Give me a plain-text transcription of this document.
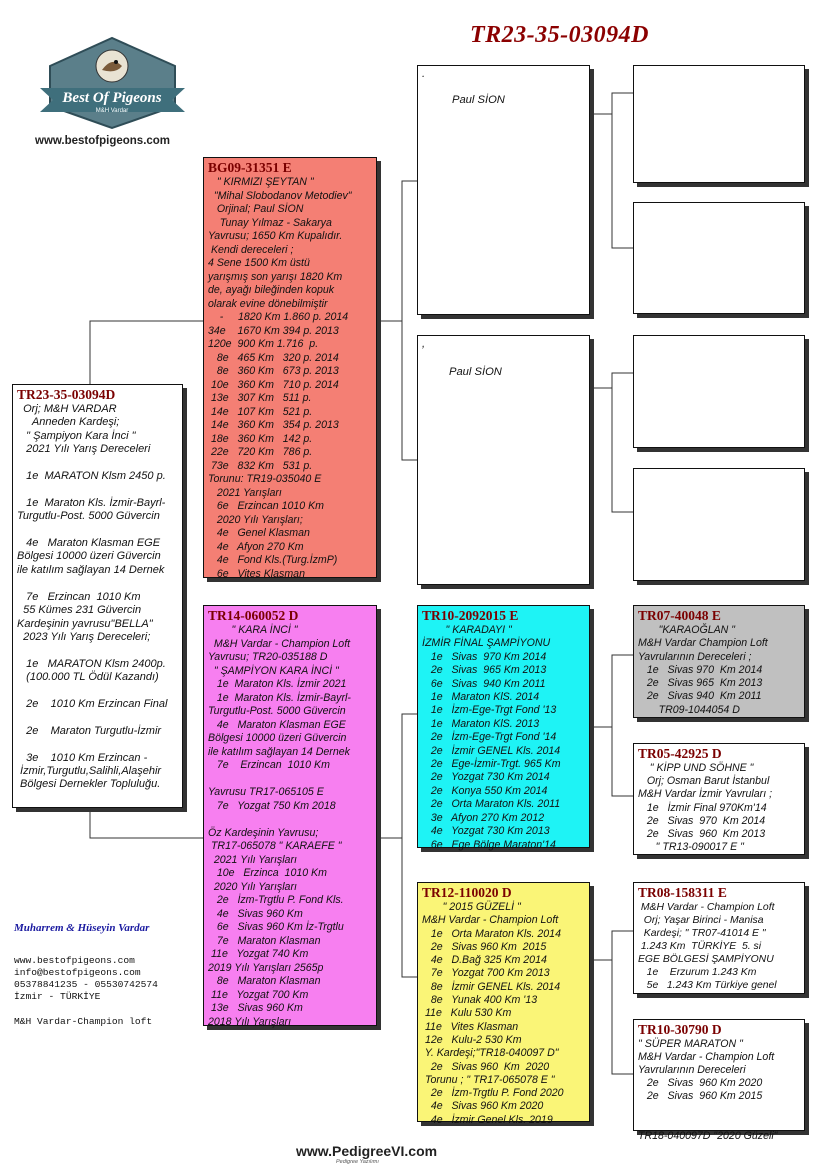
TR23-35-03094D
Best Of Pigeons
M&H Vardar
www.bestofpigeons.com
TR23-35-03094D
Orj; M&H VARDAR
Anneden Kardeşi;
" Şampiyon Kara İnci "
2021 Yılı Yarış Dereceleri

1e  MARATON Klsm 2450 p.

1e  Maraton Kls. İzmir-Bayrl-
Turgutlu-Post. 5000 Güvercin

4e   Maraton Klasman EGE
Bölgesi 10000 üzeri Güvercin
ile katılım sağlayan 14 Dernek

7e   Erzincan  1010 Km
55 Kümes 231 Güvercin
Kardeşinin yavrusu"BELLA"
2023 Yılı Yarış Dereceleri;

1e   MARATON Klsm 2400p.
(100.000 TL Ödül Kazandı)

2e    1010 Km Erzincan Final

2e    Maraton Turgutlu-İzmir

3e    1010 Km Erzincan -
İzmir,Turgutlu,Salihli,Alaşehir
Bölgesi Dernekler Topluluğu.
BG09-31351 E
" KIRMIZI ŞEYTAN "
"Mihal Slobodanov Metodiev"
Orjinal; Paul SİON
Tunay Yılmaz - Sakarya
Yavrusu; 1650 Km Kupalıdır.
Kendi dereceleri ;
4 Sene 1500 Km üstü
yarışmış son yarışı 1820 Km
de, ayağı bileğinden kopuk
olarak evine dönebilmiştir
-     1820 Km 1.860 p. 2014
34e    1670 Km 394 p. 2013
120e  900 Km 1.716  p.
8e   465 Km   320 p. 2014
8e   360 Km   673 p. 2013
10e   360 Km   710 p. 2014
13e   307 Km   511 p.
14e   107 Km   521 p.
14e   360 Km   354 p. 2013
18e   360 Km   142 p.
22e   720 Km   786 p.
73e   832 Km   531 p.
Torunu: TR19-035040 E
2021 Yarışları
6e   Erzincan 1010 Km
2020 Yılı Yarışları;
4e   Genel Klasman
4e   Afyon 270 Km
4e   Fond Kls.(Turg.İzmP)
6e   Vites Klasman
TR14-060052 D
" KARA İNCİ "
M&H Vardar - Champion Loft
Yavrusu; TR20-035188 D
" ŞAMPİYON KARA İNCİ "
1e  Maraton Kls. İzmir 2021
1e  Maraton Kls. İzmir-Bayrl-
Turgutlu-Post. 5000 Güvercin
4e   Maraton Klasman EGE
Bölgesi 10000 üzeri Güvercin
ile katılım sağlayan 14 Dernek
7e    Erzincan  1010 Km

Yavrusu TR17-065105 E
7e   Yozgat 750 Km 2018

Öz Kardeşinin Yavrusu;
TR17-065078 " KARAEFE "
2021 Yılı Yarışları
10e   Erzinca  1010 Km
2020 Yılı Yarışları
2e   İzm-Trgtlu P. Fond Kls.
4e   Sivas 960 Km
6e   Sivas 960 Km İz-Trgtlu
7e   Maraton Klasman
11e   Yozgat 740 Km
2019 Yılı Yarışları 2565p
8e   Maraton Klasman
11e   Yozgat 700 Km
13e   Sivas 960 Km
2018 Yılı Yarışları
.
Paul SİON
,
Paul SİON
TR10-2092015 E
" KARADAYI "
İZMİR FİNAL ŞAMPİYONU
1e   Sivas  970 Km 2014
2e   Sivas  965 Km 2013
6e   Sivas  940 Km 2011
1e   Maraton KlS. 2014
1e   İzm-Ege-Trgt Fond '13
1e   Maraton KlS. 2013
2e   İzm-Ege-Trgt Fond '14
2e   İzmir GENEL Kls. 2014
2e   Ege-İzmir-Trgt. 965 Km
2e   Yozgat 730 Km 2014
2e   Konya 550 Km 2014
2e   Orta Maraton Kls. 2011
3e   Afyon 270 Km 2012
4e   Yozgat 730 Km 2013
6e   Ege Bölge Maraton'14
TR12-110020 D
" 2015 GÜZELİ "
M&H Vardar - Champion Loft
1e   Orta Maraton Kls. 2014
2e   Sivas 960 Km  2015
4e   D.Bağ 325 Km 2014
7e   Yozgat 700 Km 2013
8e   İzmir GENEL Kls. 2014
8e   Yunak 400 Km '13
11e   Kulu 530 Km
11e   Vites Klasman
12e   Kulu-2 530 Km
Y. Kardeşi;"TR18-040097 D"
2e   Sivas 960  Km  2020
Torunu ; " TR17-065078 E "
2e   İzm-Trgtlu P. Fond 2020
4e   Sivas 960 Km 2020
4e   İzmir Genel Kls. 2019
TR07-40048 E
"KARAOĞLAN "
M&H Vardar Champion Loft
Yavrularının Dereceleri ;
1e   Sivas 970  Km 2014
2e   Sivas 965  Km 2013
2e   Sivas 940  Km 2011
TR09-1044054 D
TR05-42925 D
" KİPP UND SÖHNE "
Orj; Osman Barut İstanbul
M&H Vardar İzmir Yavruları ;
1e   İzmir Final 970Km'14
2e   Sivas  970  Km 2014
2e   Sivas  960  Km 2013
" TR13-090017 E "
TR08-158311 E
M&H Vardar - Champion Loft
Orj; Yaşar Birinci - Manisa
Kardeşi; " TR07-41014 E "
1.243 Km  TÜRKİYE  5. si
EGE BÖLGESİ ŞAMPİYONU
1e    Erzurum 1.243 Km
5e   1.243 Km Türkiye genel
TR10-30790 D
" SÜPER MARATON "
M&H Vardar - Champion Loft
Yavrularının Dereceleri
2e   Sivas  960 Km 2020
2e   Sivas  960 Km 2015

TR18-040097D "2020 Güzeli"
Muharrem & Hüseyin Vardar
www.bestofpigeons.com
info@bestofpigeons.com
05378841235 - 05530742574
İzmir - TÜRKİYE
M&H Vardar-Champion loft
www.PedigreeVI.com
Pedigree Yazılımı
